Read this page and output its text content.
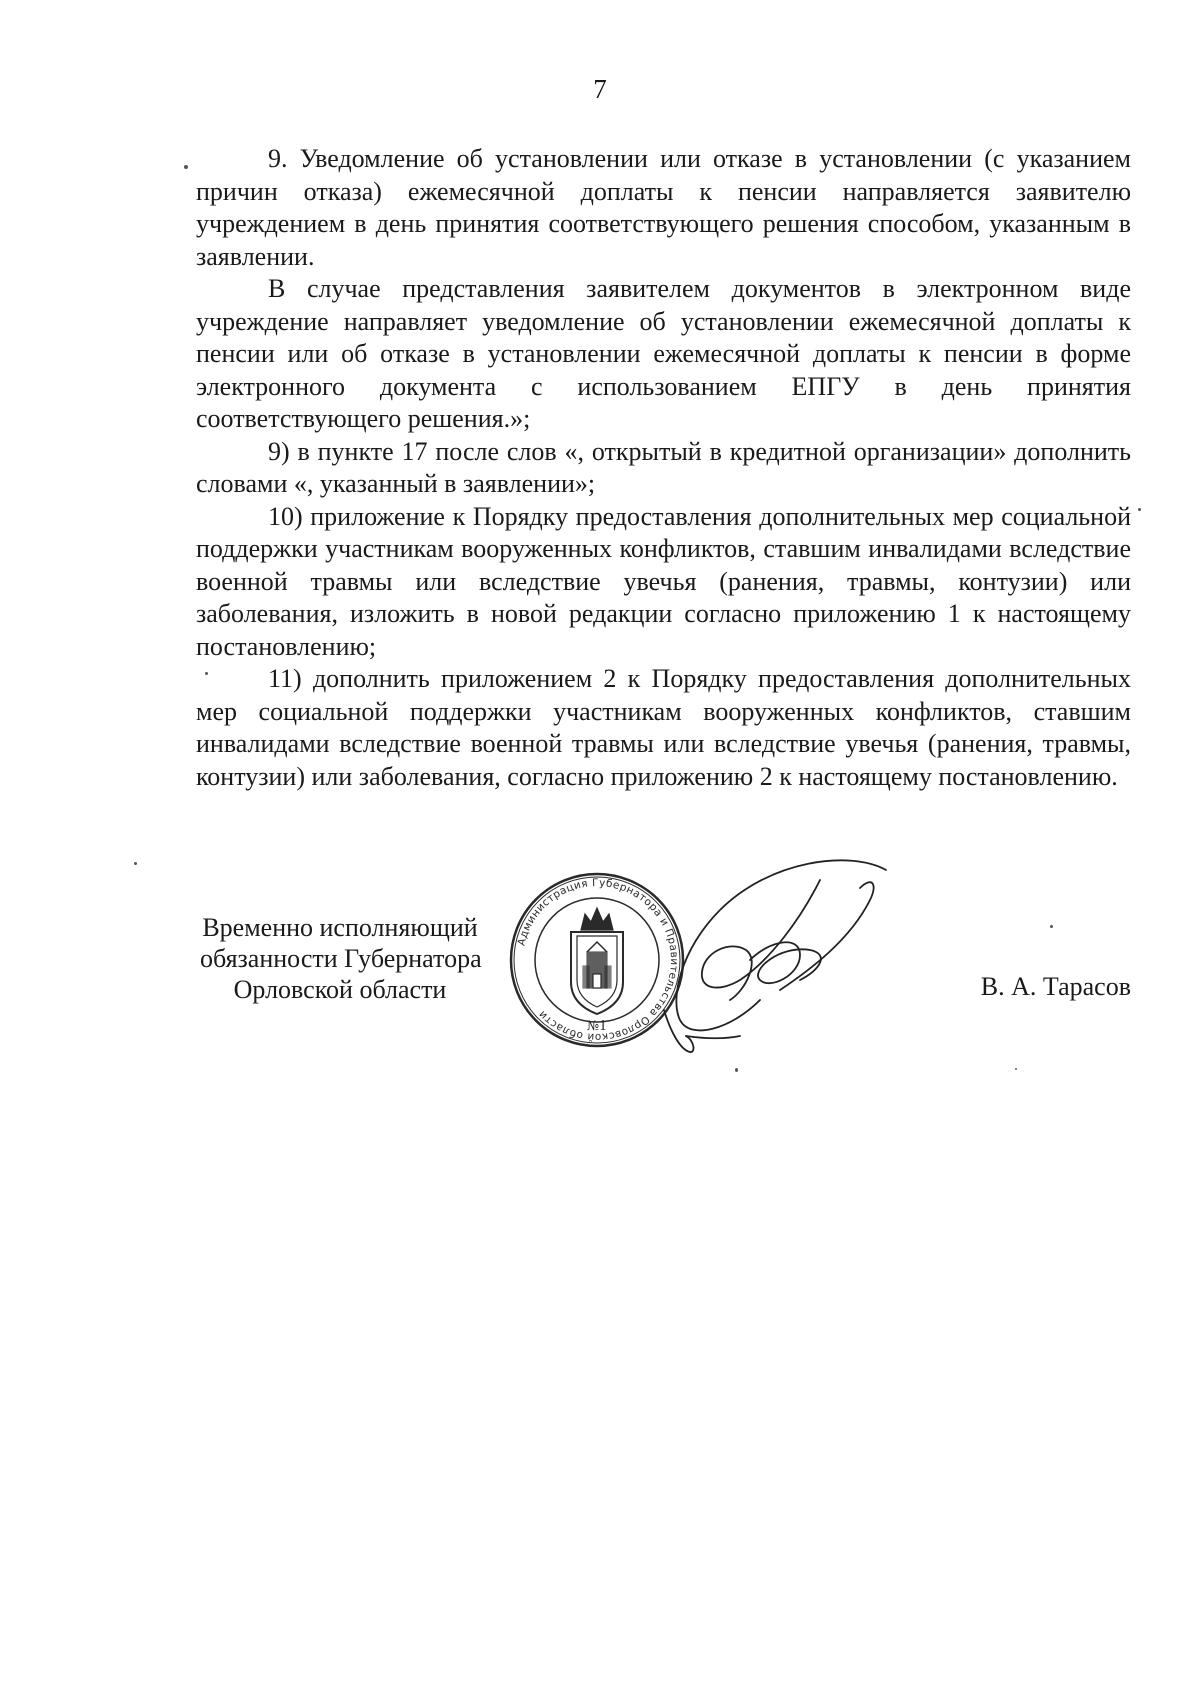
7

9. Уведомление об установлении или отказе в установлении (с указанием причин отказа) ежемесячной доплаты к пенсии направляется заявителю учреждением в день принятия соответствующего решения способом, указанным в заявлении.

В случае представления заявителем документов в электронном виде учреждение направляет уведомление об установлении ежемесячной доплаты к пенсии или об отказе в установлении ежемесячной доплаты к пенсии в форме электронного документа с использованием ЕПГУ в день принятия соответствующего решения.»;

9) в пункте 17 после слов «, открытый в кредитной организации» дополнить словами «, указанный в заявлении»;

10) приложение к Порядку предоставления дополнительных мер социальной поддержки участникам вооруженных конфликтов, ставшим инвалидами вследствие военной травмы или вследствие увечья (ранения, травмы, контузии) или заболевания, изложить в новой редакции согласно приложению 1 к настоящему постановлению;

11) дополнить приложением 2 к Порядку предоставления дополнительных мер социальной поддержки участникам вооруженных конфликтов, ставшим инвалидами вследствие военной травмы или вследствие увечья (ранения, травмы, контузии) или заболевания, согласно приложению 2 к настоящему постановлению.

Временно исполняющий
обязанности Губернатора
Орловской области
Администрация Губернатора и Правительства Орловской области
№1
В. А. Тарасов
